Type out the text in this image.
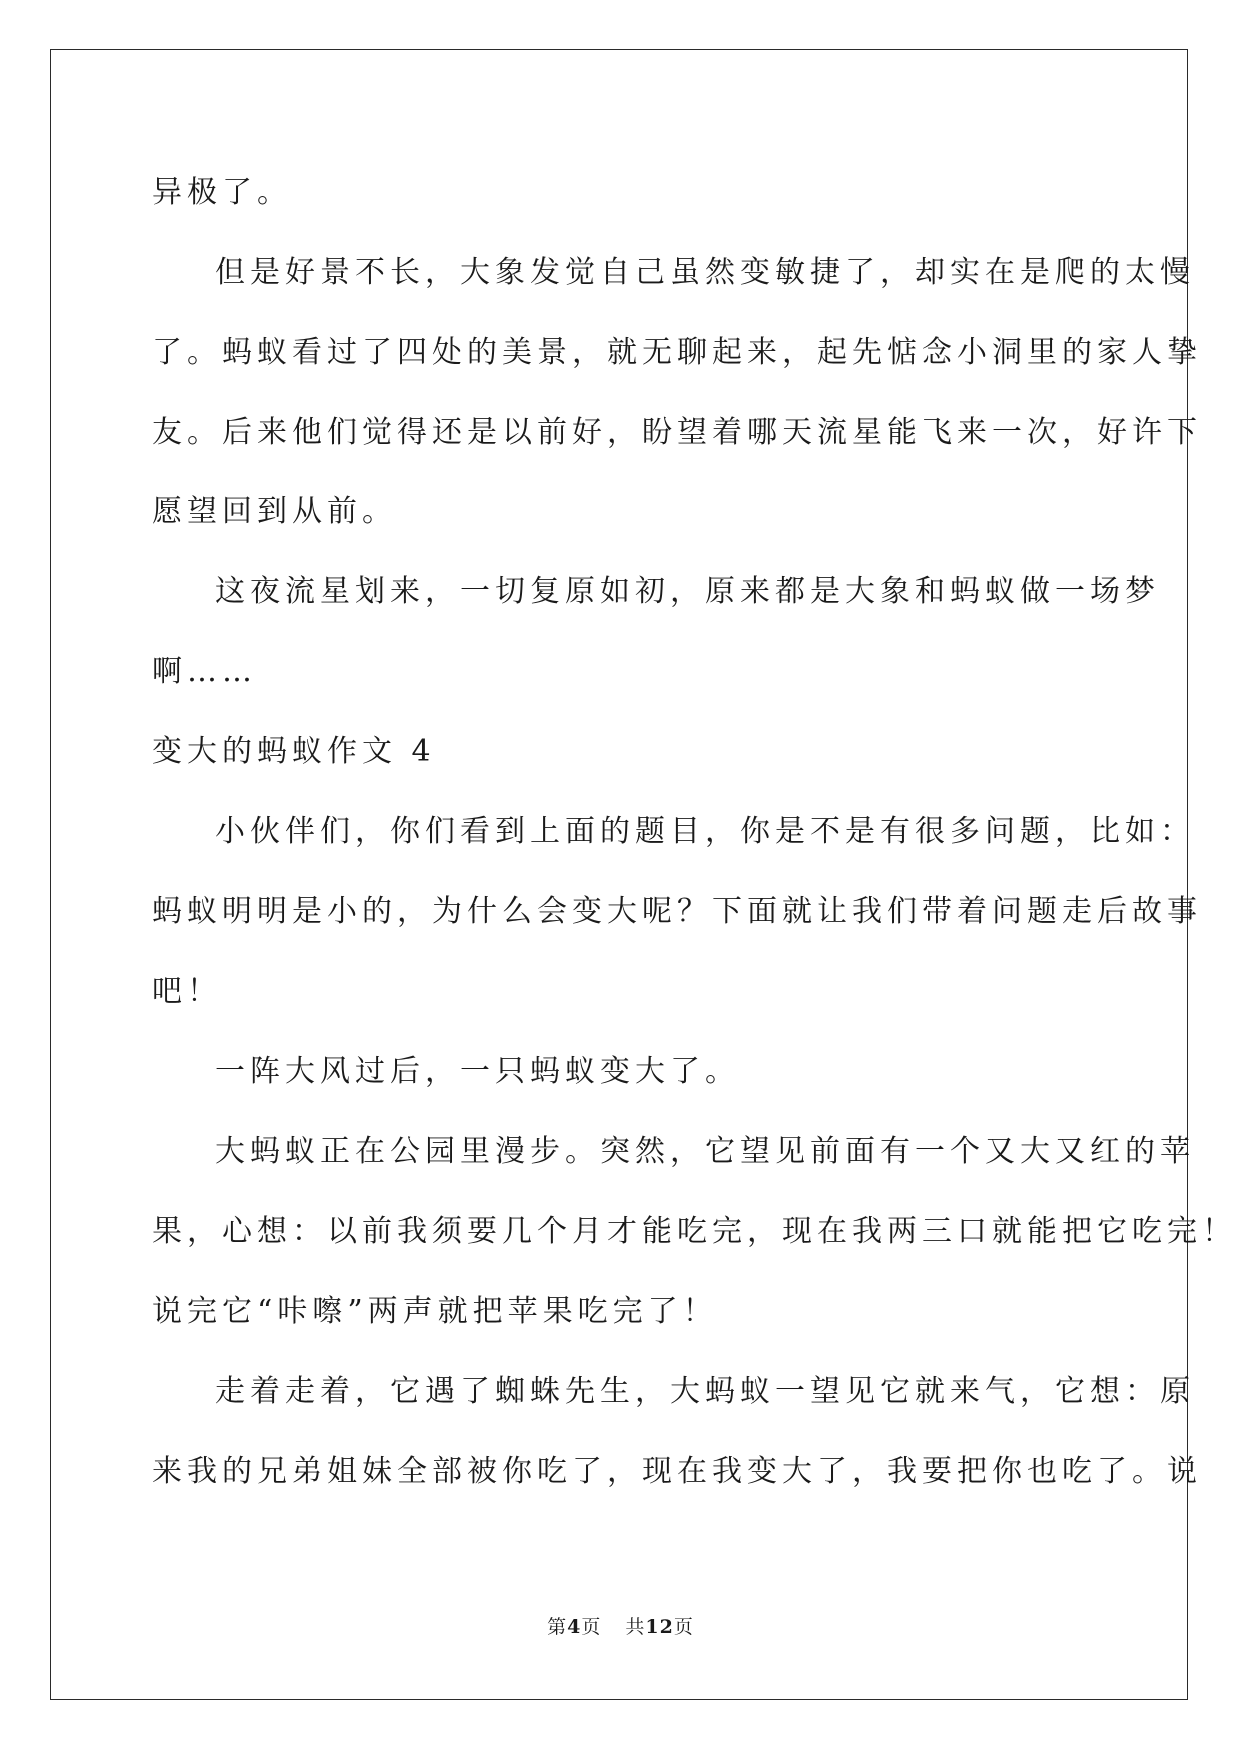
异极了。
但是好景不长，大象发觉自己虽然变敏捷了，却实在是爬的太慢
了。蚂蚁看过了四处的美景，就无聊起来，起先惦念小洞里的家人挚
友。后来他们觉得还是以前好，盼望着哪天流星能飞来一次，好许下
愿望回到从前。
这夜流星划来，一切复原如初，原来都是大象和蚂蚁做一场梦
啊……
变大的蚂蚁作文 4
小伙伴们，你们看到上面的题目，你是不是有很多问题，比如：
蚂蚁明明是小的，为什么会变大呢？下面就让我们带着问题走后故事
吧！
一阵大风过后，一只蚂蚁变大了。
大蚂蚁正在公园里漫步。突然，它望见前面有一个又大又红的苹
果，心想：以前我须要几个月才能吃完，现在我两三口就能把它吃完！
说完它“咔嚓”两声就把苹果吃完了！
走着走着，它遇了蜘蛛先生，大蚂蚁一望见它就来气，它想：原
来我的兄弟姐妹全部被你吃了，现在我变大了，我要把你也吃了。说
第4页 共12页
